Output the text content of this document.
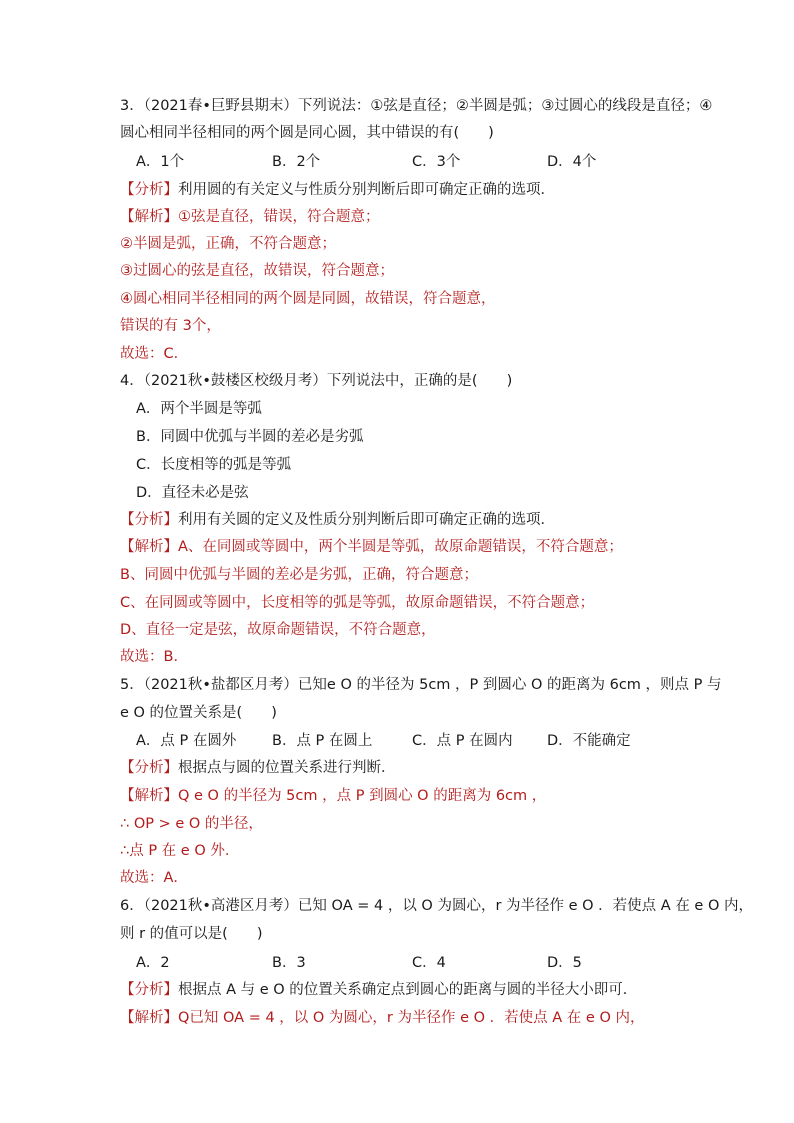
3．（2021春•巨野县期末）下列说法：①弦是直径；②半圆是弧；③过圆心的线段是直径；④
圆心相同半径相同的两个圆是同心圆，其中错误的有(　　)
A．1个	B．2个	C．3个	D．4个
【分析】利用圆的有关定义与性质分别判断后即可确定正确的选项．
【解析】①弦是直径，错误，符合题意；
②半圆是弧，正确，不符合题意；
③过圆心的弦是直径，故错误，符合题意；
④圆心相同半径相同的两个圆是同圆，故错误，符合题意，
错误的有 3个，
故选：C．
4．（2021秋•鼓楼区校级月考）下列说法中，正确的是(　　)
A．两个半圆是等弧
B．同圆中优弧与半圆的差必是劣弧
C．长度相等的弧是等弧
D．直径未必是弦
【分析】利用有关圆的定义及性质分别判断后即可确定正确的选项．
【解析】A、在同圆或等圆中，两个半圆是等弧，故原命题错误，不符合题意；
B、同圆中优弧与半圆的差必是劣弧，正确，符合题意；
C、在同圆或等圆中，长度相等的弧是等弧，故原命题错误，不符合题意；
D、直径一定是弦，故原命题错误，不符合题意，
故选：B．
5．（2021秋•盐都区月考）已知e O 的半径为 5cm ，P 到圆心 O 的距离为 6cm ，则点 P 与
e O 的位置关系是(　　)
A．点 P 在圆外 B．点 P 在圆上	C．点 P 在圆内 D．不能确定
【分析】根据点与圆的位置关系进行判断．
【解析】Q e O 的半径为 5cm ，点 P 到圆心 O 的距离为 6cm ，
∴ OP > e O 的半径，
∴点 P 在 e O 外．
故选：A．
6．（2021秋•高港区月考）已知 OA = 4 ，以 O 为圆心，r 为半径作 e O ．若使点 A 在 e O 内，
则 r 的值可以是(　　)
A．2	B．3	C．4	D．5
【分析】根据点 A 与 e O 的位置关系确定点到圆心的距离与圆的半径大小即可．
【解析】Q已知 OA = 4 ，以 O 为圆心，r 为半径作 e O ．若使点 A 在 e O 内，
